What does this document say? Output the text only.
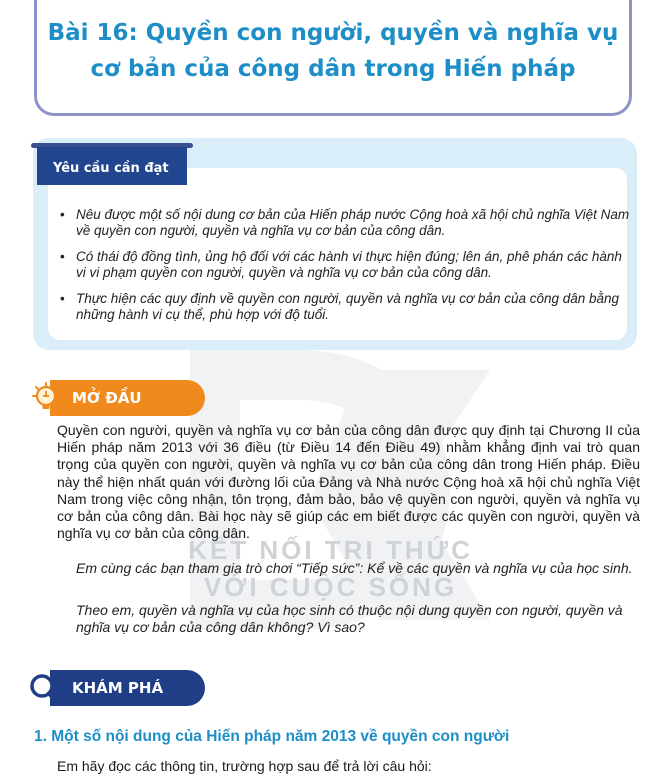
KẾT NỐI TRI THỨC
VỚI CUỘC SỐNG
Bài 16: Quyền con người, quyền và nghĩa vụ
cơ bản của công dân trong Hiến pháp
Yêu cầu cần đạt
• Nêu được một số nội dung cơ bản của Hiến pháp nước Cộng hoà xã hội chủ nghĩa Việt Nam về quyền con người, quyền và nghĩa vụ cơ bản của công dân.
• Có thái độ đồng tình, ủng hộ đối với các hành vi thực hiện đúng; lên án, phê phán các hành vi vi phạm quyền con người, quyền và nghĩa vụ cơ bản của công dân.
• Thực hiện các quy định về quyền con người, quyền và nghĩa vụ cơ bản của công dân bằng những hành vi cụ thể, phù hợp với độ tuổi.
MỞ ĐẦU
Quyền con người, quyền và nghĩa vụ cơ bản của công dân được quy định tại Chương II của Hiến pháp năm 2013 với 36 điều (từ Điều 14 đến Điều 49) nhằm khẳng định vai trò quan trọng của quyền con người, quyền và nghĩa vụ cơ bản của công dân trong Hiến pháp. Điều này thể hiện nhất quán với đường lối của Đảng và Nhà nước Cộng hoà xã hội chủ nghĩa Việt Nam trong việc công nhận, tôn trọng, đảm bảo, bảo vệ quyền con người, quyền và nghĩa vụ cơ bản của công dân. Bài học này sẽ giúp các em biết được các quyền con người, quyền và nghĩa vụ cơ bản của công dân.
Em cùng các bạn tham gia trò chơi “Tiếp sức”: Kể về các quyền và nghĩa vụ của học sinh.
Theo em, quyền và nghĩa vụ của học sinh có thuộc nội dung quyền con người, quyền và nghĩa vụ cơ bản của công dân không? Vì sao?
KHÁM PHÁ
1. Một số nội dung của Hiến pháp năm 2013 về quyền con người
Em hãy đọc các thông tin, trường hợp sau để trả lời câu hỏi:
